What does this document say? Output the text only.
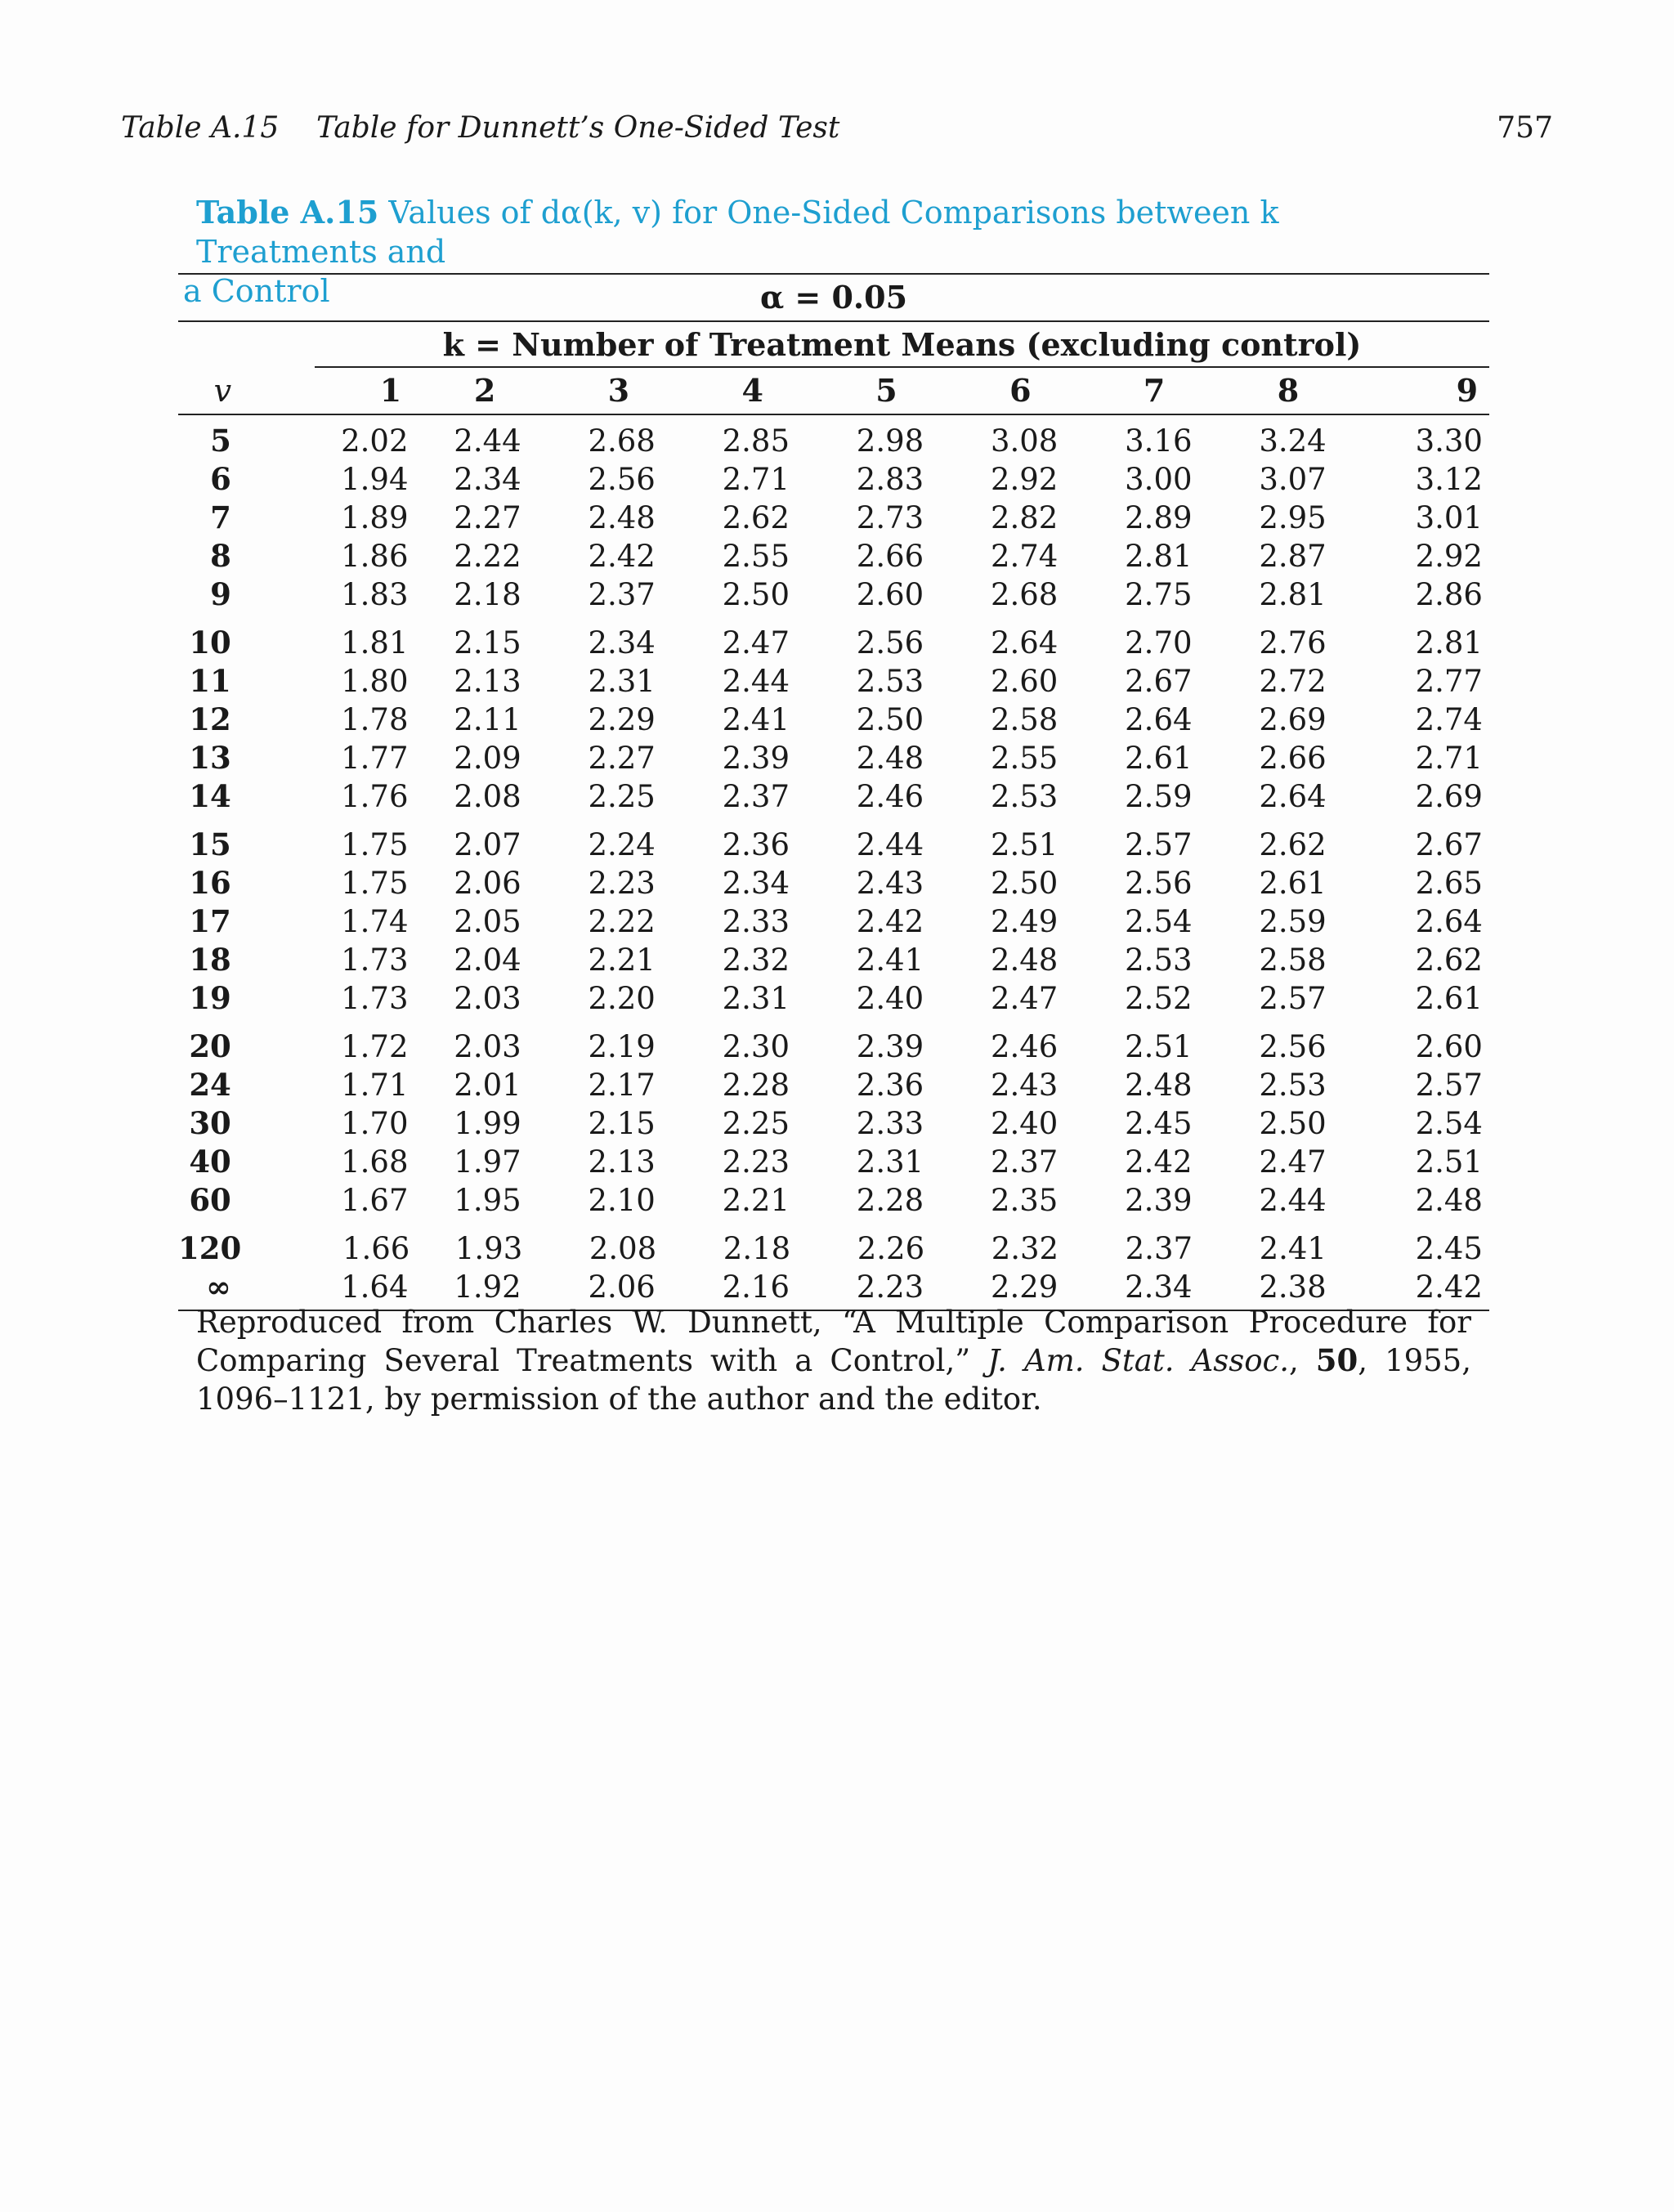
Table A.15 Table for Dunnett’s One-Sided Test	757
Table A.15 Values of dα(k, v) for One-Sided Comparisons between k Treatments and
a Control	α = 0.05
k = Number of Treatment Means (excluding control)
v	1	2	3	4	5	6	7	8	9
5	2.02	2.44	2.68	2.85	2.98	3.08	3.16	3.24	3.30
6	1.94	2.34	2.56	2.71	2.83	2.92	3.00	3.07	3.12
7	1.89	2.27	2.48	2.62	2.73	2.82	2.89	2.95	3.01
8	1.86	2.22	2.42	2.55	2.66	2.74	2.81	2.87	2.92
9	1.83	2.18	2.37	2.50	2.60	2.68	2.75	2.81	2.86
10	1.81	2.15	2.34	2.47	2.56	2.64	2.70	2.76	2.81
11	1.80	2.13	2.31	2.44	2.53	2.60	2.67	2.72	2.77
12	1.78	2.11	2.29	2.41	2.50	2.58	2.64	2.69	2.74
13	1.77	2.09	2.27	2.39	2.48	2.55	2.61	2.66	2.71
14	1.76	2.08	2.25	2.37	2.46	2.53	2.59	2.64	2.69
15	1.75	2.07	2.24	2.36	2.44	2.51	2.57	2.62	2.67
16	1.75	2.06	2.23	2.34	2.43	2.50	2.56	2.61	2.65
17	1.74	2.05	2.22	2.33	2.42	2.49	2.54	2.59	2.64
18	1.73	2.04	2.21	2.32	2.41	2.48	2.53	2.58	2.62
19	1.73	2.03	2.20	2.31	2.40	2.47	2.52	2.57	2.61
20	1.72	2.03	2.19	2.30	2.39	2.46	2.51	2.56	2.60
24	1.71	2.01	2.17	2.28	2.36	2.43	2.48	2.53	2.57
30	1.70	1.99	2.15	2.25	2.33	2.40	2.45	2.50	2.54
40	1.68	1.97	2.13	2.23	2.31	2.37	2.42	2.47	2.51
60	1.67	1.95	2.10	2.21	2.28	2.35	2.39	2.44	2.48
120	1.66	1.93	2.08	2.18	2.26	2.32	2.37	2.41	2.45
∞	1.64	1.92	2.06	2.16	2.23	2.29	2.34	2.38	2.42
Reproduced from Charles W. Dunnett, “A Multiple Comparison Procedure for Comparing Several Treatments with a Control,” J. Am. Stat. Assoc., 50, 1955, 1096–1121, by permission of the author and the editor.
